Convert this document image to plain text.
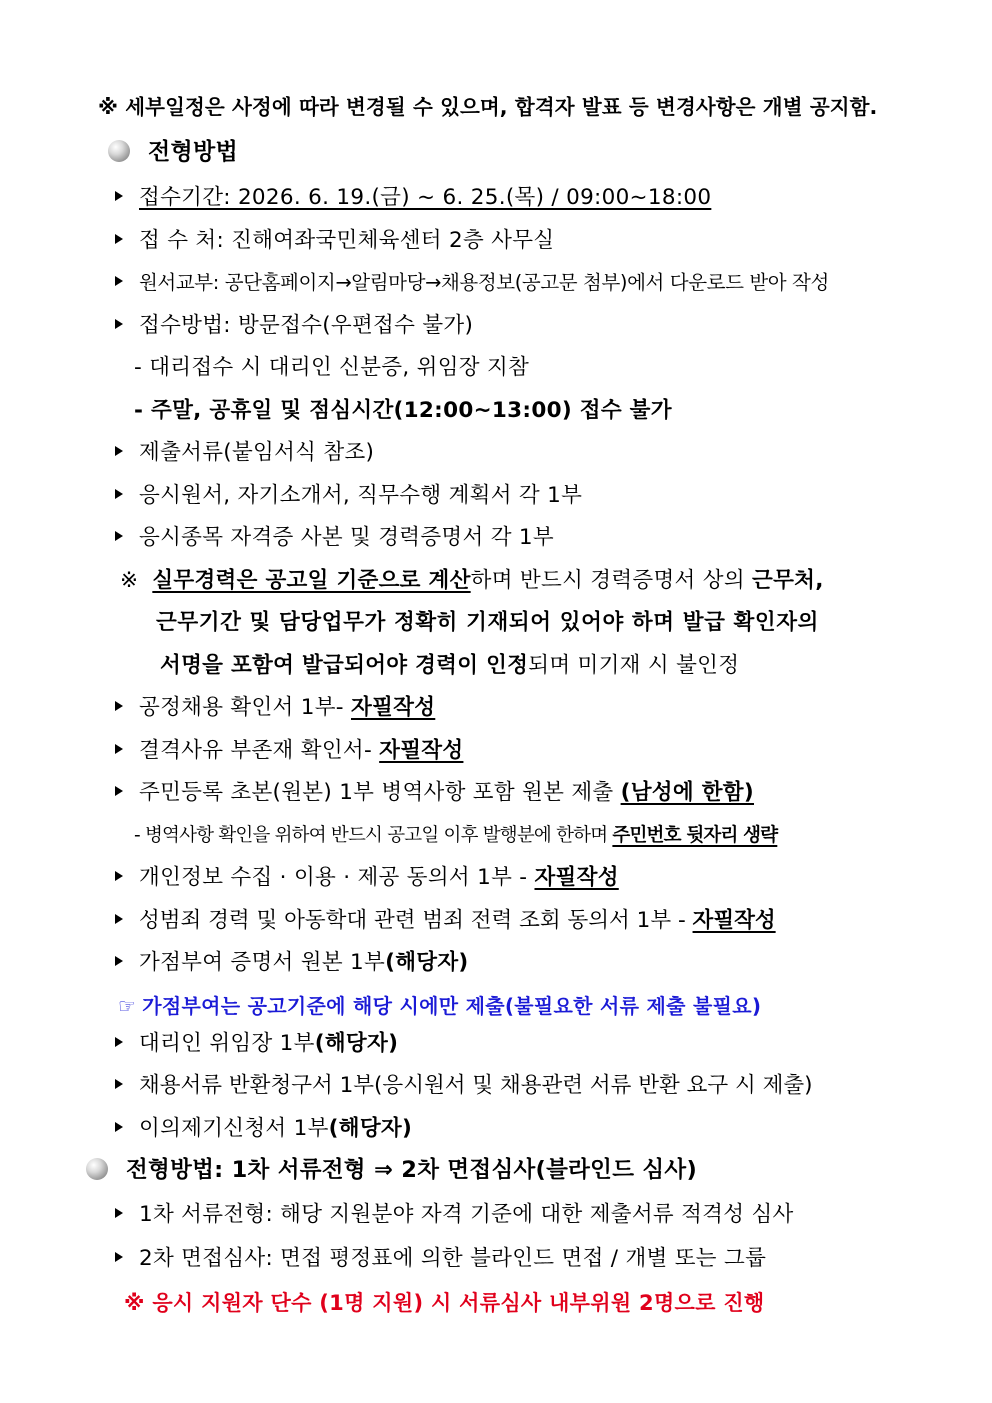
※ 세부일정은 사정에 따라 변경될 수 있으며, 합격자 발표 등 변경사항은 개별 공지함.
전형방법
접수기간: 2026. 6. 19.(금) ~ 6. 25.(목) / 09:00~18:00
접 수 처: 진해여좌국민체육센터 2층 사무실
원서교부: 공단홈페이지→알림마당→채용정보(공고문 첨부)에서 다운로드 받아 작성
접수방법: 방문접수(우편접수 불가)
- 대리접수 시 대리인 신분증, 위임장 지참
- 주말, 공휴일 및 점심시간(12:00~13:00) 접수 불가
제출서류(붙임서식 참조)
응시원서, 자기소개서, 직무수행 계획서 각 1부
응시종목 자격증 사본 및 경력증명서 각 1부
※ 실무경력은 공고일 기준으로 계산하며 반드시 경력증명서 상의 근무처,
근무기간 및 담당업무가 정확히 기재되어 있어야 하며 발급 확인자의
서명을 포함여 발급되어야 경력이 인정되며 미기재 시 불인정
공정채용 확인서 1부- 자필작성
결격사유 부존재 확인서- 자필작성
주민등록 초본(원본) 1부 병역사항 포함 원본 제출 (남성에 한함)
- 병역사항 확인을 위하여 반드시 공고일 이후 발행분에 한하며 주민번호 뒷자리 생략
개인정보 수집 · 이용 · 제공 동의서 1부 - 자필작성
성범죄 경력 및 아동학대 관련 범죄 전력 조회 동의서 1부 - 자필작성
가점부여 증명서 원본 1부(해당자)
☞ 가점부여는 공고기준에 해당 시에만 제출(불필요한 서류 제출 불필요)
대리인 위임장 1부(해당자)
채용서류 반환청구서 1부(응시원서 및 채용관련 서류 반환 요구 시 제출)
이의제기신청서 1부(해당자)
전형방법: 1차 서류전형 ⇒ 2차 면접심사(블라인드 심사)
1차 서류전형: 해당 지원분야 자격 기준에 대한 제출서류 적격성 심사
2차 면접심사: 면접 평정표에 의한 블라인드 면접 / 개별 또는 그룹
※ 응시 지원자 단수 (1명 지원) 시 서류심사 내부위원 2명으로 진행
